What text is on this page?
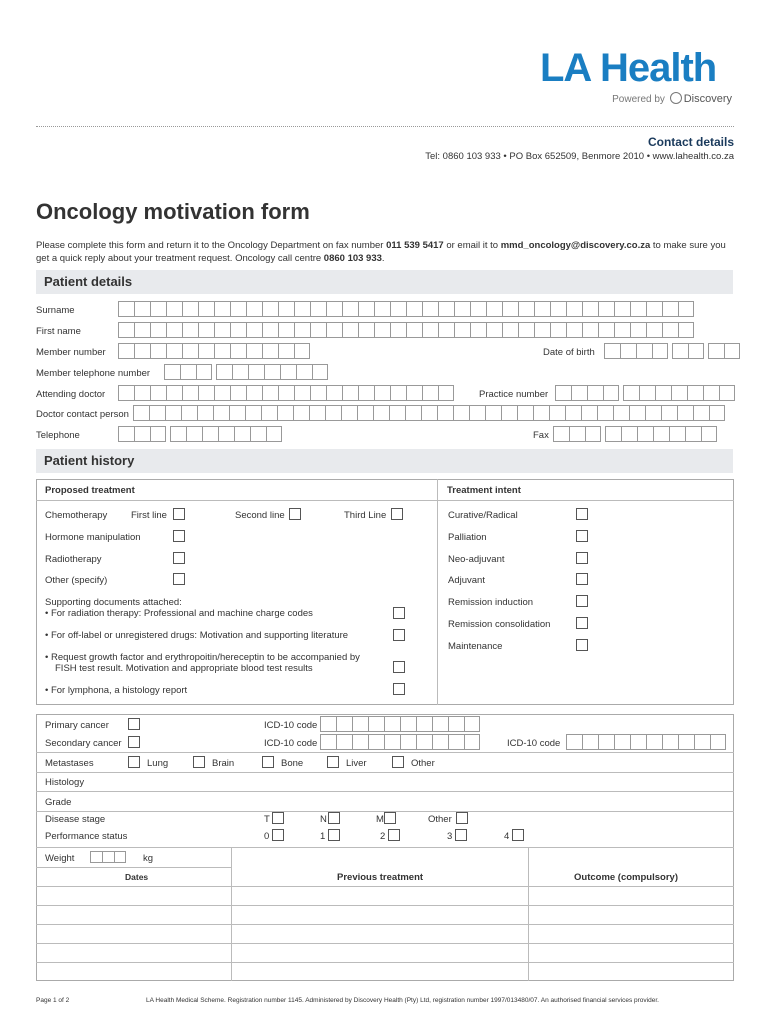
LA Health
Powered by Discovery
Contact details
Tel: 0860 103 933 • PO Box 652509, Benmore 2010 • www.lahealth.co.za
Oncology motivation form
Please complete this form and return it to the Oncology Department on fax number 011 539 5417 or email it to mmd_oncology@discovery.co.za to make sure you get a quick reply about your treatment request. Oncology call centre 0860 103 933.
Patient details
Surname
First name
Member number	Date of birth
Member telephone number
Attending doctor	Practice number
Doctor contact person
Telephone	Fax
Patient history
Proposed treatment	Treatment intent
Chemotherapy First line	Second line	Third Line
Hormone manipulation
Radiotherapy
Other (specify)
Supporting documents attached:
• For radiation therapy: Professional and machine charge codes
• For off-label or unregistered drugs: Motivation and supporting literature
• Request growth factor and erythropoitin/hereceptin to be accompanied by
FISH test result. Motivation and appropriate blood test results
• For lymphona, a histology report
Curative/Radical
Palliation
Neo-adjuvant
Adjuvant
Remission induction
Remission consolidation
Maintenance
Primary cancer	ICD-10 code
Secondary cancer	ICD-10 code	ICD-10 code
Metastases	Lung	Brain	Bone	Liver	Other
Histology
Grade
Disease stage	T	N	M	Other
Performance status	0	1	2	3	4
Weight	kg
Dates	Previous treatment	Outcome (compulsory)
Page 1 of 2	LA Health Medical Scheme. Registration number 1145. Administered by Discovery Health (Pty) Ltd, registration number 1997/013480/07. An authorised financial services provider.
